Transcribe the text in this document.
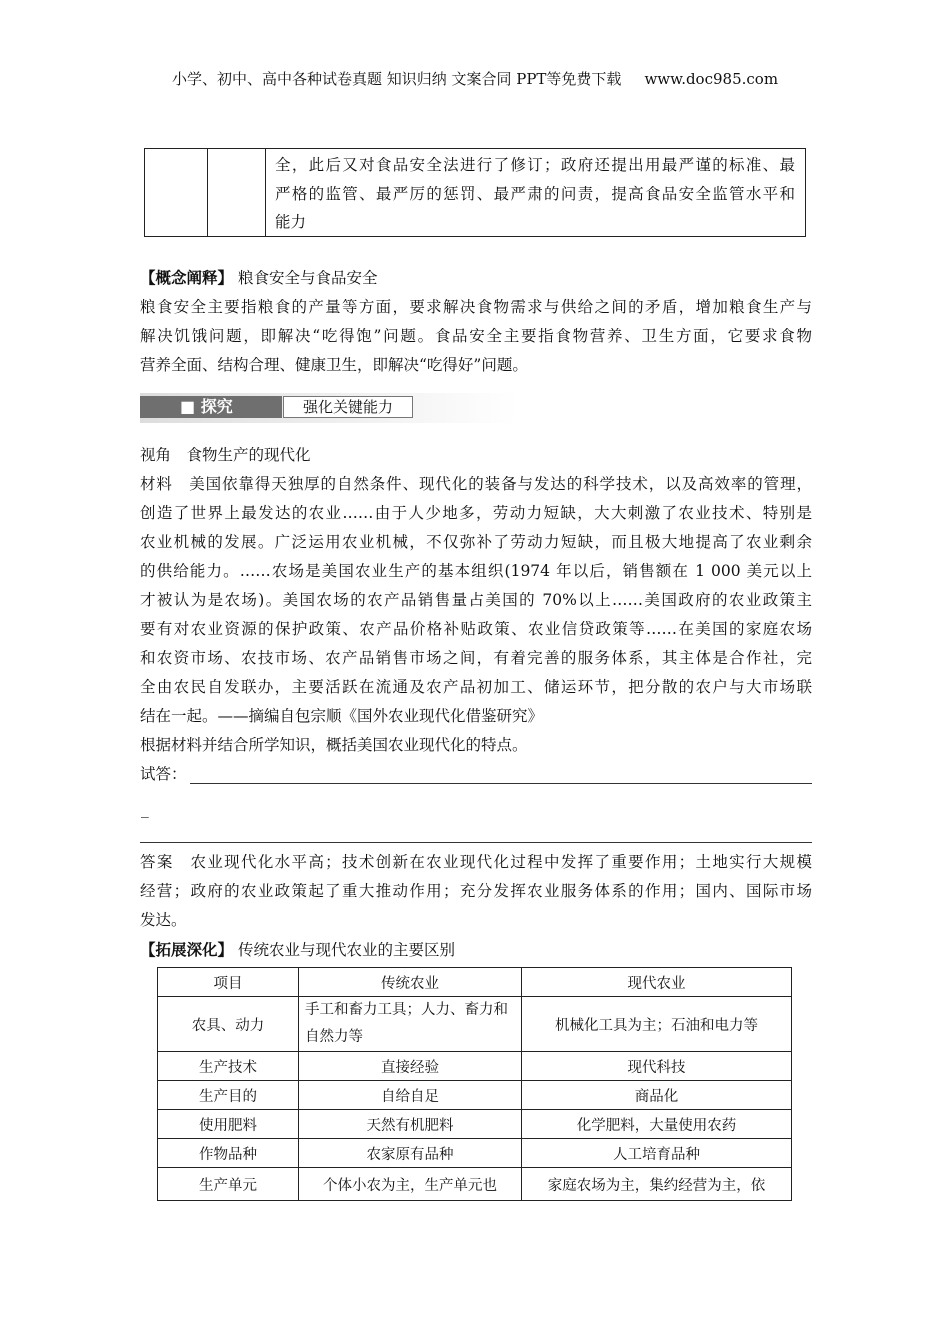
小学、初中、高中各种试卷真题 知识归纳 文案合同 PPT等免费下载　 www.doc985.com
全，此后又对食品安全法进行了修订；政府还提出用最严谨的标准、最
严格的监管、最严厉的惩罚、最严肃的问责，提高食品安全监管水平和
能力
【概念阐释】 粮食安全与食品安全
粮食安全主要指粮食的产量等方面，要求解决食物需求与供给之间的矛盾，增加粮食生产与
解决饥饿问题，即解决“吃得饱”问题。食品安全主要指食物营养、卫生方面，它要求食物
营养全面、结构合理、健康卫生，即解决“吃得好”问题。
■ 探究	强化关键能力
视角　 食物生产的现代化
材料　美国依靠得天独厚的自然条件、现代化的装备与发达的科学技术，以及高效率的管理，
创造了世界上最发达的农业……由于人少地多，劳动力短缺，大大刺激了农业技术、特别是
农业机械的发展。广泛运用农业机械，不仅弥补了劳动力短缺，而且极大地提高了农业剩余
的供给能力。……农场是美国农业生产的基本组织(1974 年以后，销售额在 1 000 美元以上
才被认为是农场)。美国农场的农产品销售量占美国的 70%以上……美国政府的农业政策主
要有对农业资源的保护政策、农产品价格补贴政策、农业信贷政策等……在美国的家庭农场
和农资市场、农技市场、农产品销售市场之间，有着完善的服务体系，其主体是合作社，完
全由农民自发联办，主要活跃在流通及农产品初加工、储运环节，把分散的农户与大市场联
结在一起。——摘编自包宗顺《国外农业现代化借鉴研究》
根据材料并结合所学知识，概括美国农业现代化的特点。
试答：
_
答案　农业现代化水平高；技术创新在农业现代化过程中发挥了重要作用；土地实行大规模
经营；政府的农业政策起了重大推动作用；充分发挥农业服务体系的作用；国内、国际市场
发达。
【拓展深化】 传统农业与现代农业的主要区别
项目	传统农业	现代农业
农具、动力	手工和畜力工具；人力、畜力和自然力等	机械化工具为主；石油和电力等
生产技术	直接经验	现代科技
生产目的	自给自足	商品化
使用肥料	天然有机肥料	化学肥料，大量使用农药
作物品种	农家原有品种	人工培育品种
生产单元	个体小农为主，生产单元也	家庭农场为主，集约经营为主，依
